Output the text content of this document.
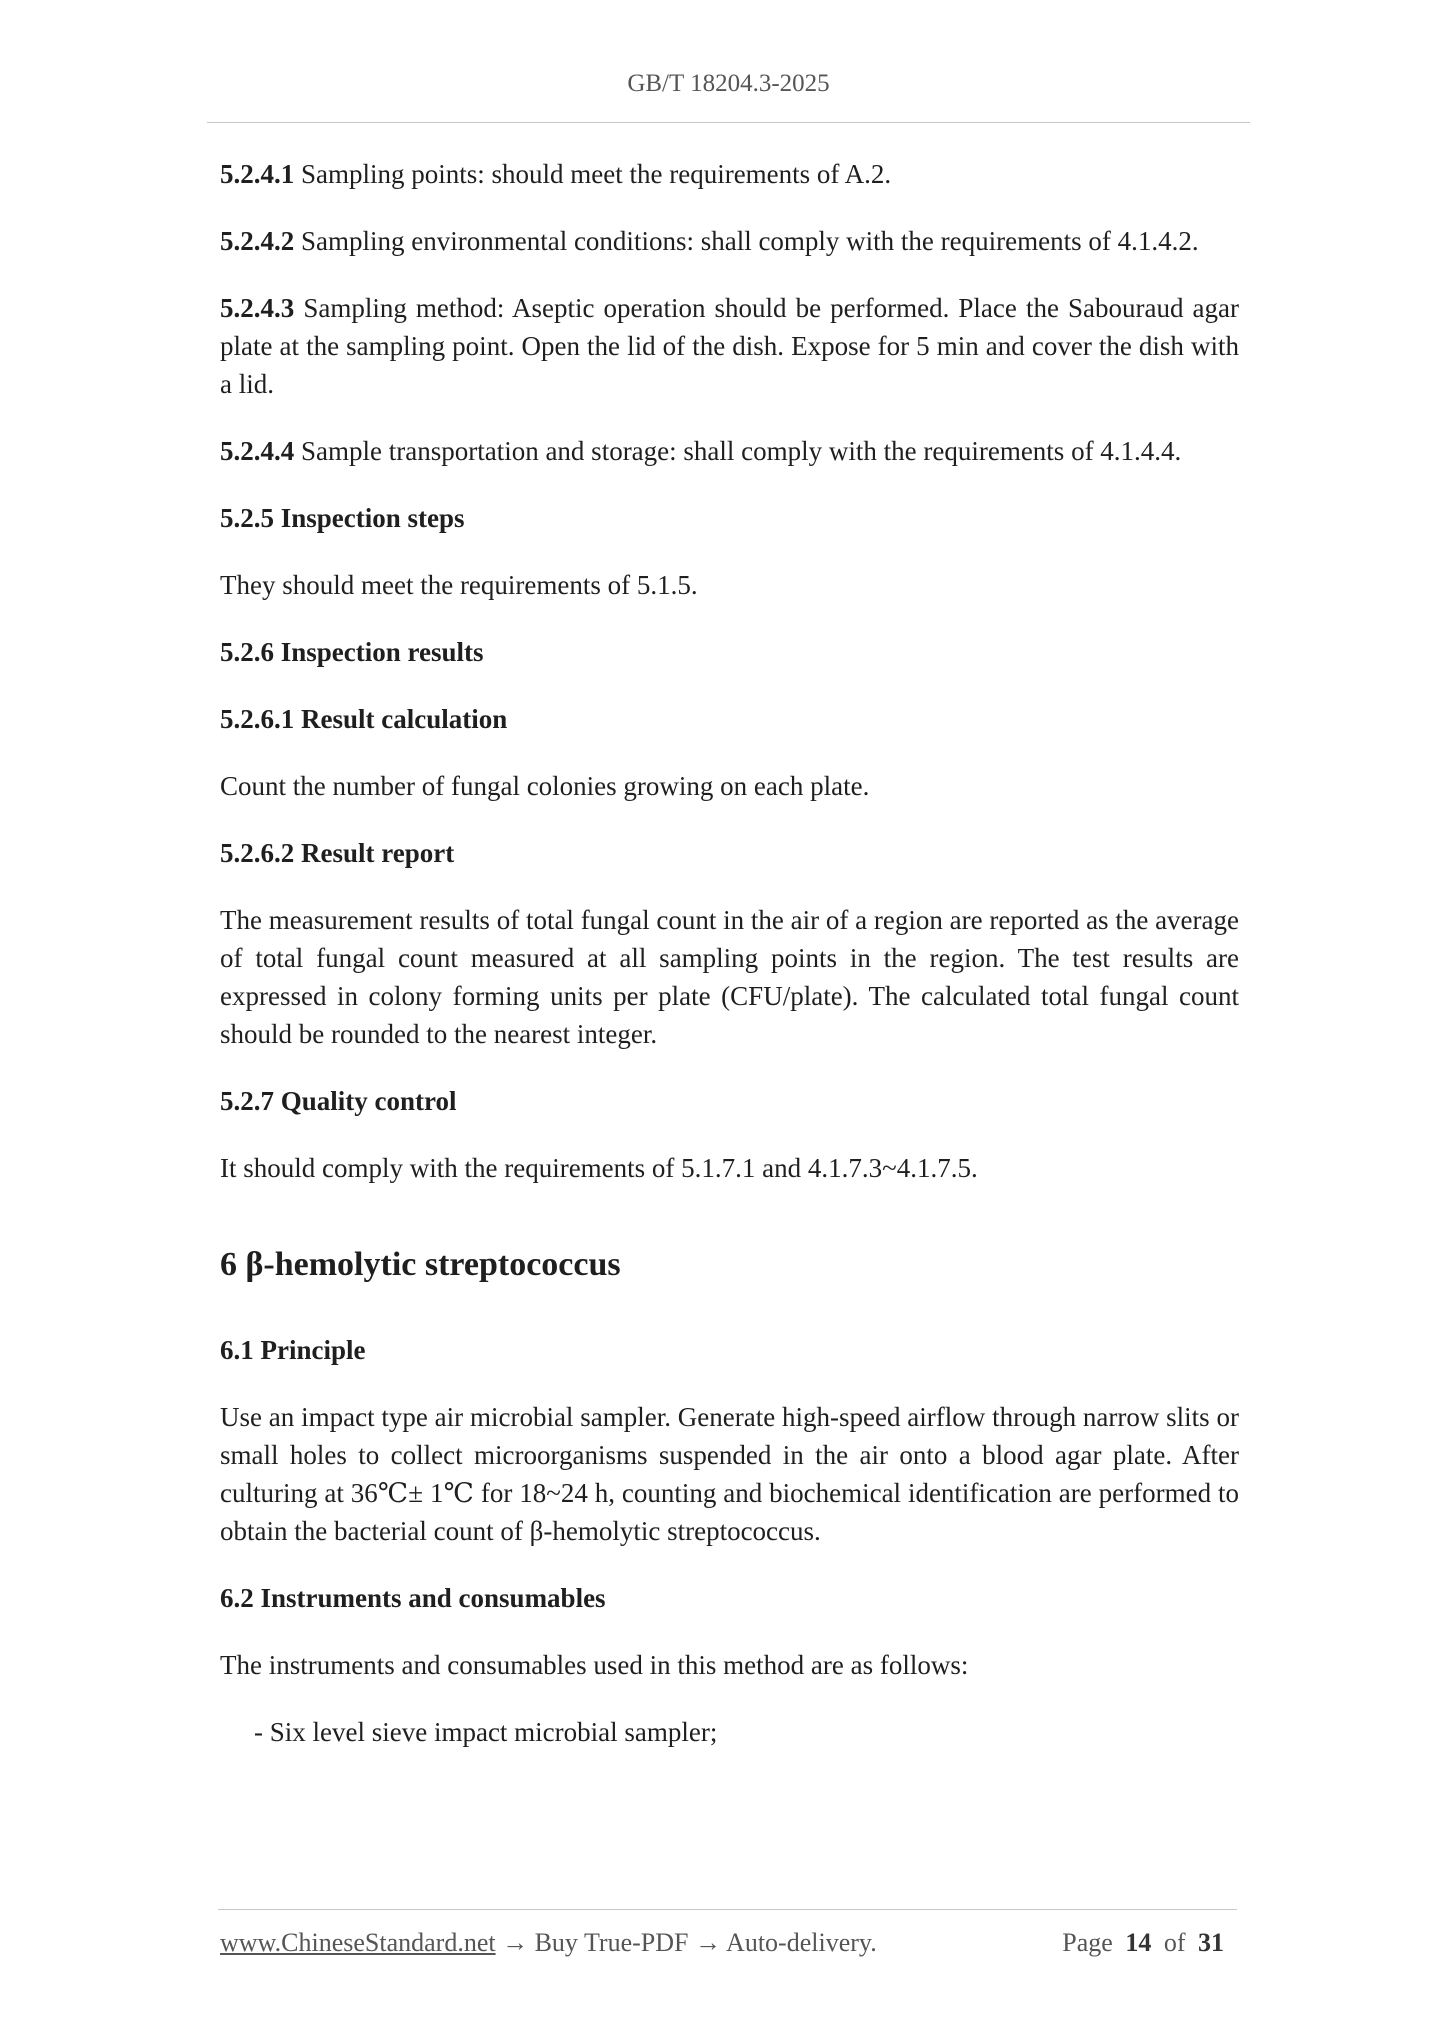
GB/T 18204.3-2025

5.2.4.1 Sampling points: should meet the requirements of A.2.

5.2.4.2 Sampling environmental conditions: shall comply with the requirements of 4.1.4.2.

5.2.4.3 Sampling method: Aseptic operation should be performed. Place the Sabouraud agar plate at the sampling point. Open the lid of the dish. Expose for 5 min and cover the dish with a lid.

5.2.4.4 Sample transportation and storage: shall comply with the requirements of 4.1.4.4.

5.2.5 Inspection steps

They should meet the requirements of 5.1.5.

5.2.6 Inspection results

5.2.6.1 Result calculation

Count the number of fungal colonies growing on each plate.

5.2.6.2 Result report

The measurement results of total fungal count in the air of a region are reported as the average of total fungal count measured at all sampling points in the region. The test results are expressed in colony forming units per plate (CFU/plate). The calculated total fungal count should be rounded to the nearest integer.

5.2.7 Quality control

It should comply with the requirements of 5.1.7.1 and 4.1.7.3~4.1.7.5.

6 β-hemolytic streptococcus

6.1 Principle

Use an impact type air microbial sampler. Generate high-speed airflow through narrow slits or small holes to collect microorganisms suspended in the air onto a blood agar plate. After culturing at 36℃± 1℃ for 18~24 h, counting and biochemical identification are performed to obtain the bacterial count of β-hemolytic streptococcus.

6.2 Instruments and consumables

The instruments and consumables used in this method are as follows:

- Six level sieve impact microbial sampler;

www.ChineseStandard.net → Buy True-PDF → Auto-delivery.	Page 14 of 31
